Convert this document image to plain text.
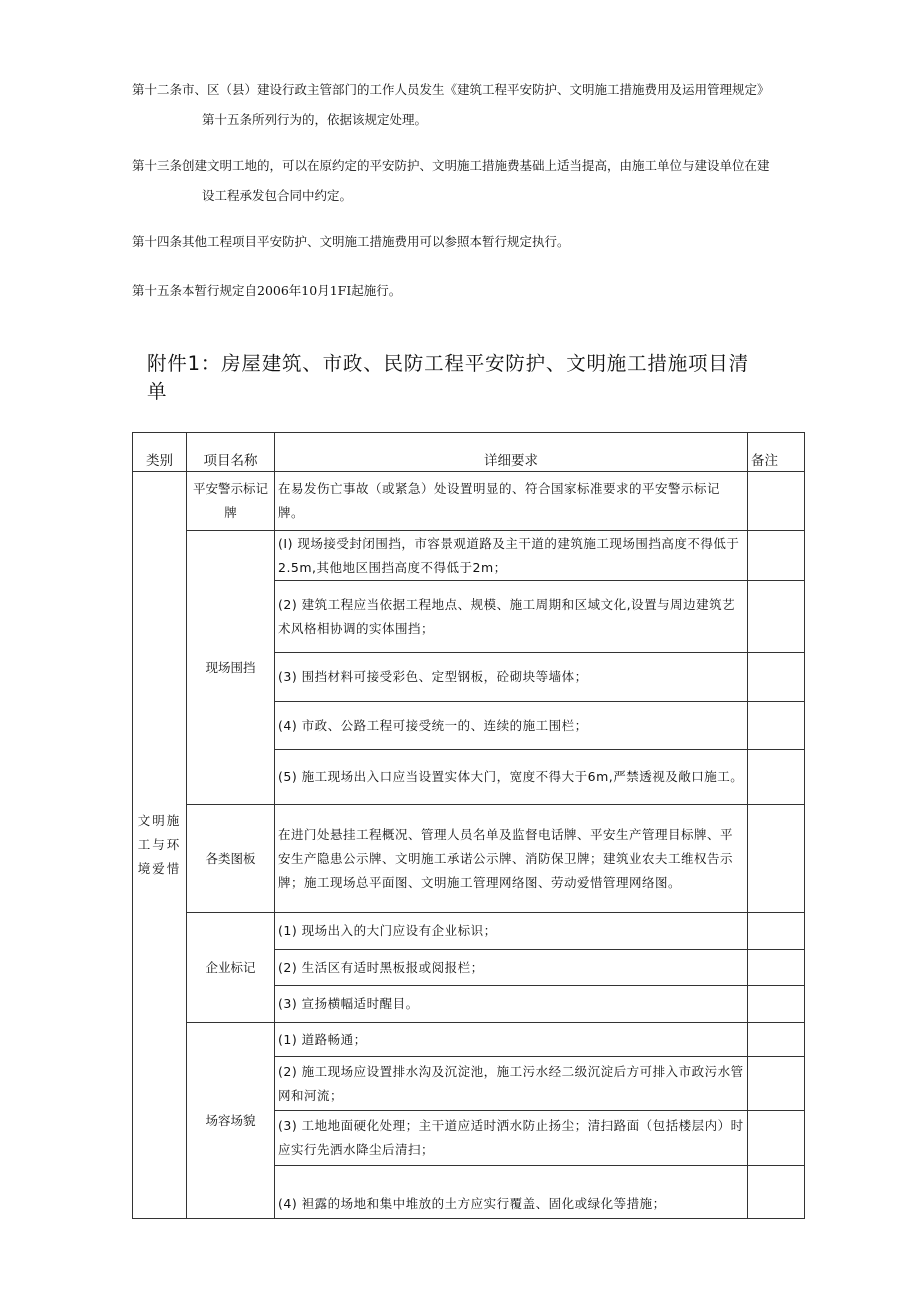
第十二条市、区（县）建设行政主管部门的工作人员发生《建筑工程平安防护、文明施工措施费用及运用管理规定》
第十五条所列行为的，依据该规定处理。
第十三条创建文明工地的，可以在原约定的平安防护、文明施工措施费基础上适当提高，由施工单位与建设单位在建
设工程承发包合同中约定。
第十四条其他工程项目平安防护、文明施工措施费用可以参照本暂行规定执行。
第十五条本暂行规定自2006年10月1FI起施行。
附件1：房屋建筑、市政、民防工程平安防护、文明施工措施项目清
单
类别	项目名称	详细要求	备注
文明施工与环境爱惜	平安警示标记牌	在易发伤亡事故（或紧急）处设置明显的、符合国家标准要求的平安警示标记牌。	
	现场围挡	(I) 现场接受封闭围挡，市容景观道路及主干道的建筑施工现场围挡高度不得低于2.5m,其他地区围挡高度不得低于2m；	
		(2) 建筑工程应当依据工程地点、规模、施工周期和区域文化,设置与周边建筑艺术风格相协调的实体围挡；	
		(3) 围挡材料可接受彩色、定型钢板，砼砌块等墙体；	
		(4) 市政、公路工程可接受统一的、连续的施工围栏；	
		(5) 施工现场出入口应当设置实体大门，宽度不得大于6m,严禁透视及敞口施工。	
	各类图板	在进门处悬挂工程概况、管理人员名单及监督电话牌、平安生产管理目标牌、平安生产隐患公示牌、文明施工承诺公示牌、消防保卫牌；建筑业农夫工维权告示牌；施工现场总平面图、文明施工管理网络图、劳动爱惜管理网络图。	
	企业标记	(1) 现场出入的大门应设有企业标识；	
		(2) 生活区有适时黑板报或阅报栏；	
		(3) 宣扬横幅适时醒目。	
	场容场貌	(1) 道路畅通；	
		(2) 施工现场应设置排水沟及沉淀池，施工污水经二级沉淀后方可排入市政污水管网和河流；	
		(3) 工地地面硬化处理；主干道应适时洒水防止扬尘；清扫路面（包括楼层内）时应实行先洒水降尘后清扫；	
		(4) 袒露的场地和集中堆放的土方应实行覆盖、固化或绿化等措施；	
